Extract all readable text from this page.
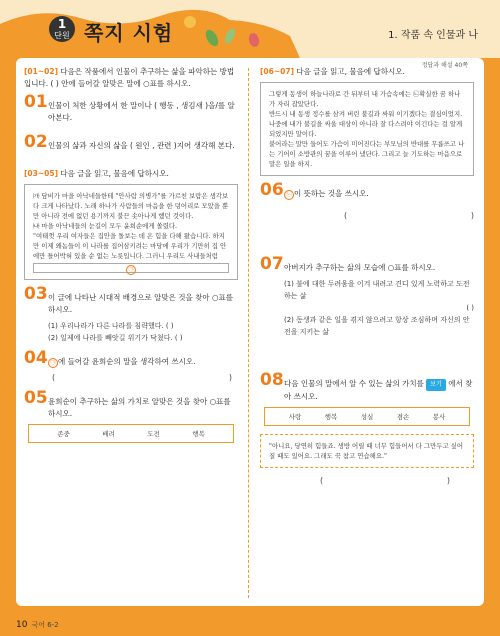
1
단원 쪽지 시험	1. 작품 속 인물과 나
정답과 해설 40쪽
[01~02] 다음은 작품에서 인물이 추구하는 삶을 파악하는 방법입니다. ( ) 안에 들어갈 알맞은 말에 ○표를 하시오.
01 인물이 처한 상황에서 한 말이나 ( 행동 , 생김새 )을/를 알아본다.
02 인물의 삶과 자신의 삶을 ( 원인 , 관련 )지어 생각해 본다.
[03~05] 다음 글을 읽고, 물음에 답하시오.
㈎ 담비가 마을 아낙네들한테 "안사람 의병가"를 가르친 보람은 생각보다 크게 나타났다. 노래 하나가 사람들의 마음을 한 덩어리로 모았을 뿐만 아니라 전에 없던 용기까지 불끈 솟아나게 했던 것이다.
㈏ 마을 아낙네들의 눈길이 모두 윤희순에게 쏠렸다.
"여태껏 우리 여자들은 집안을 돌보는 데 온 힘을 다해 왔습니다. 하지만 이제 왜놈들이 이 나라를 집어삼키려는 마당에 우리가 기만히 집 안에만 틀어박혀 있을 순 없는 노릇입니다. 그러니 우리도 사내들처럼
㉠
03 이 글에 나타난 시대적 배경으로 알맞은 것을 찾아 ○표를 하시오.
(1) 우리나라가 다른 나라를 침략했다. ( )
(2) 일제에 나라를 빼앗길 위기가 닥쳤다. ( )
04 ㉠ 에 들어갈 윤희순의 말을 생각하여 쓰시오.
(	)
05 윤희순이 추구하는 삶의 가치로 알맞은 것을 찾아 ○표를 하시오.
존중	배려	도전	행복
[06~07] 다음 글을 읽고, 물음에 답하시오.
그렇게 동생이 하늘나라로 간 뒤부터 내 가슴속에는 ㉡확실한 꿈 하나가 자리 잡았단다.
반드시 내 동생 정수를 삼켜 버린 불길과 싸워 이기겠다는 결심이었지. 나중에 내가 불길을 싸울 대상이 아니라 잘 다스려야 이긴다는 걸 알게 되었지만 말이다.
붙어라는 말만 들어도 가슴이 미어진다는 부모님의 반대를 무릅쓰고 나는 기어이 소방관의 꿈을 이루어 냈단다. 그리고 늘 기도하는 마음으로 말은 일을 하지.
06 ㉡ 이 뜻하는 것을 쓰시오.
(	)
07 아버지가 추구하는 삶의 모습에 ○표를 하시오.
(1) 불에 대한 두려움을 이겨 내려고 견디 있게 노력하고 도전하는 삶
( )
(2) 동생과 같은 일을 겪지 않으려고 항상 조심하며 자신의 안전을 지키는 삶
08 다음 인물의 말에서 알 수 있는 삶의 가치를 보기 에서 찾아 쓰시오.
사랑	행복	성실	겸손	봉사
"아니요, 당연히 힘들죠. 생방 어릴 때 너무 힘들어서 다 그만두고 싶어질 때도 있어요. 그래도 꾹 참고 연습해요."
(	)
10 국어 6-2
